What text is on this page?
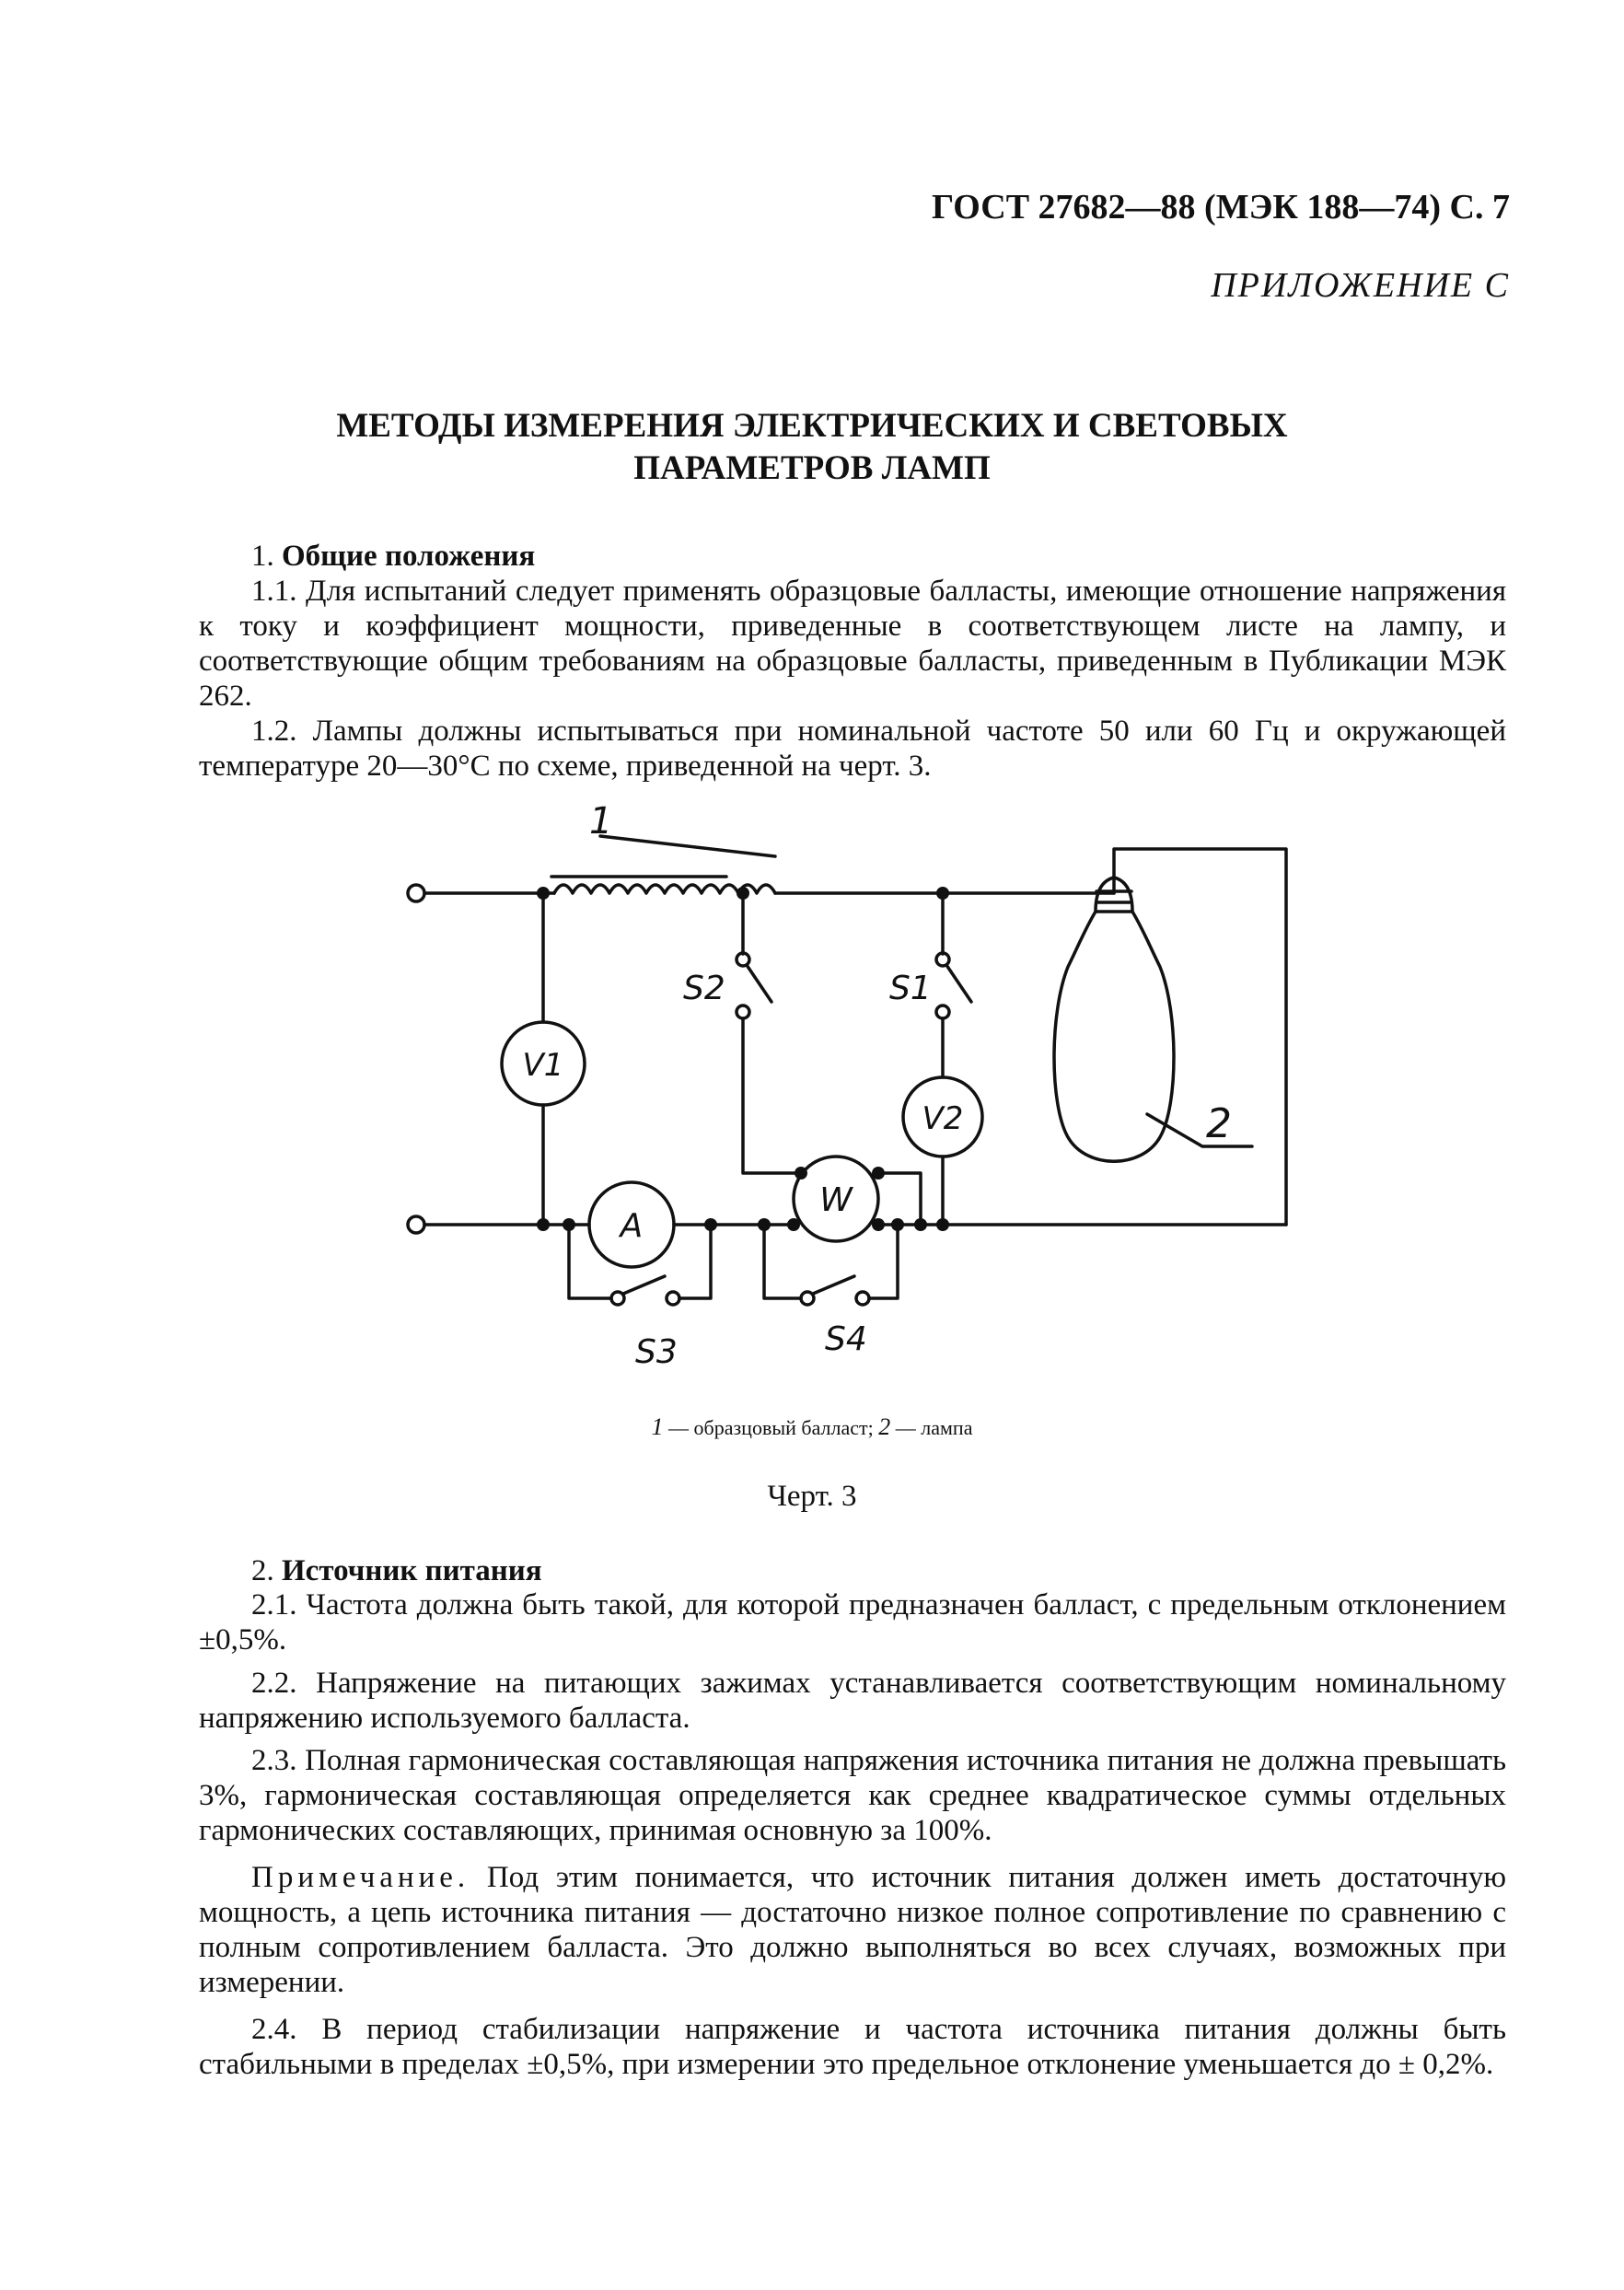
ГОСТ 27682—88 (МЭК 188—74) С. 7
ПРИЛОЖЕНИЕ С
МЕТОДЫ ИЗМЕРЕНИЯ ЭЛЕКТРИЧЕСКИХ И СВЕТОВЫХ
ПАРАМЕТРОВ ЛАМП
1. Общие положения
1.1. Для испытаний следует применять образцовые балласты, имеющие отношение напряжения к току и коэффициент мощности, приведенные в соответствующем листе на лампу, и соответствующие общим требованиям на образцовые балласты, приведенным в Публикации МЭК 262.
1.2. Лампы должны испытываться при номинальной частоте 50 или 60 Гц и окружающей температуре 20—30°С по схеме, приведенной на черт. 3.
1
2
V1
V2
A
W
S1
S2
S3	S4
1 — образцовый балласт; 2 — лампа
Черт. 3
2. Источник питания
2.1. Частота должна быть такой, для которой предназначен балласт, с предельным отклонением ±0,5%.
2.2. Напряжение на питающих зажимах устанавливается соответствующим номинальному напряжению используемого балласта.
2.3. Полная гармоническая составляющая напряжения источника питания не должна превышать 3%, гармоническая составляющая определяется как среднее квадратическое суммы отдельных гармонических составляющих, принимая основную за 100%.
Примечание. Под этим понимается, что источник питания должен иметь достаточную мощность, а цепь источника питания — достаточно низкое полное сопротивление по сравнению с полным сопротивлением балласта. Это должно выполняться во всех случаях, возможных при измерении.
2.4. В период стабилизации напряжение и частота источника питания должны быть стабильными в пределах ±0,5%, при измерении это предельное отклонение уменьшается до ± 0,2%.
